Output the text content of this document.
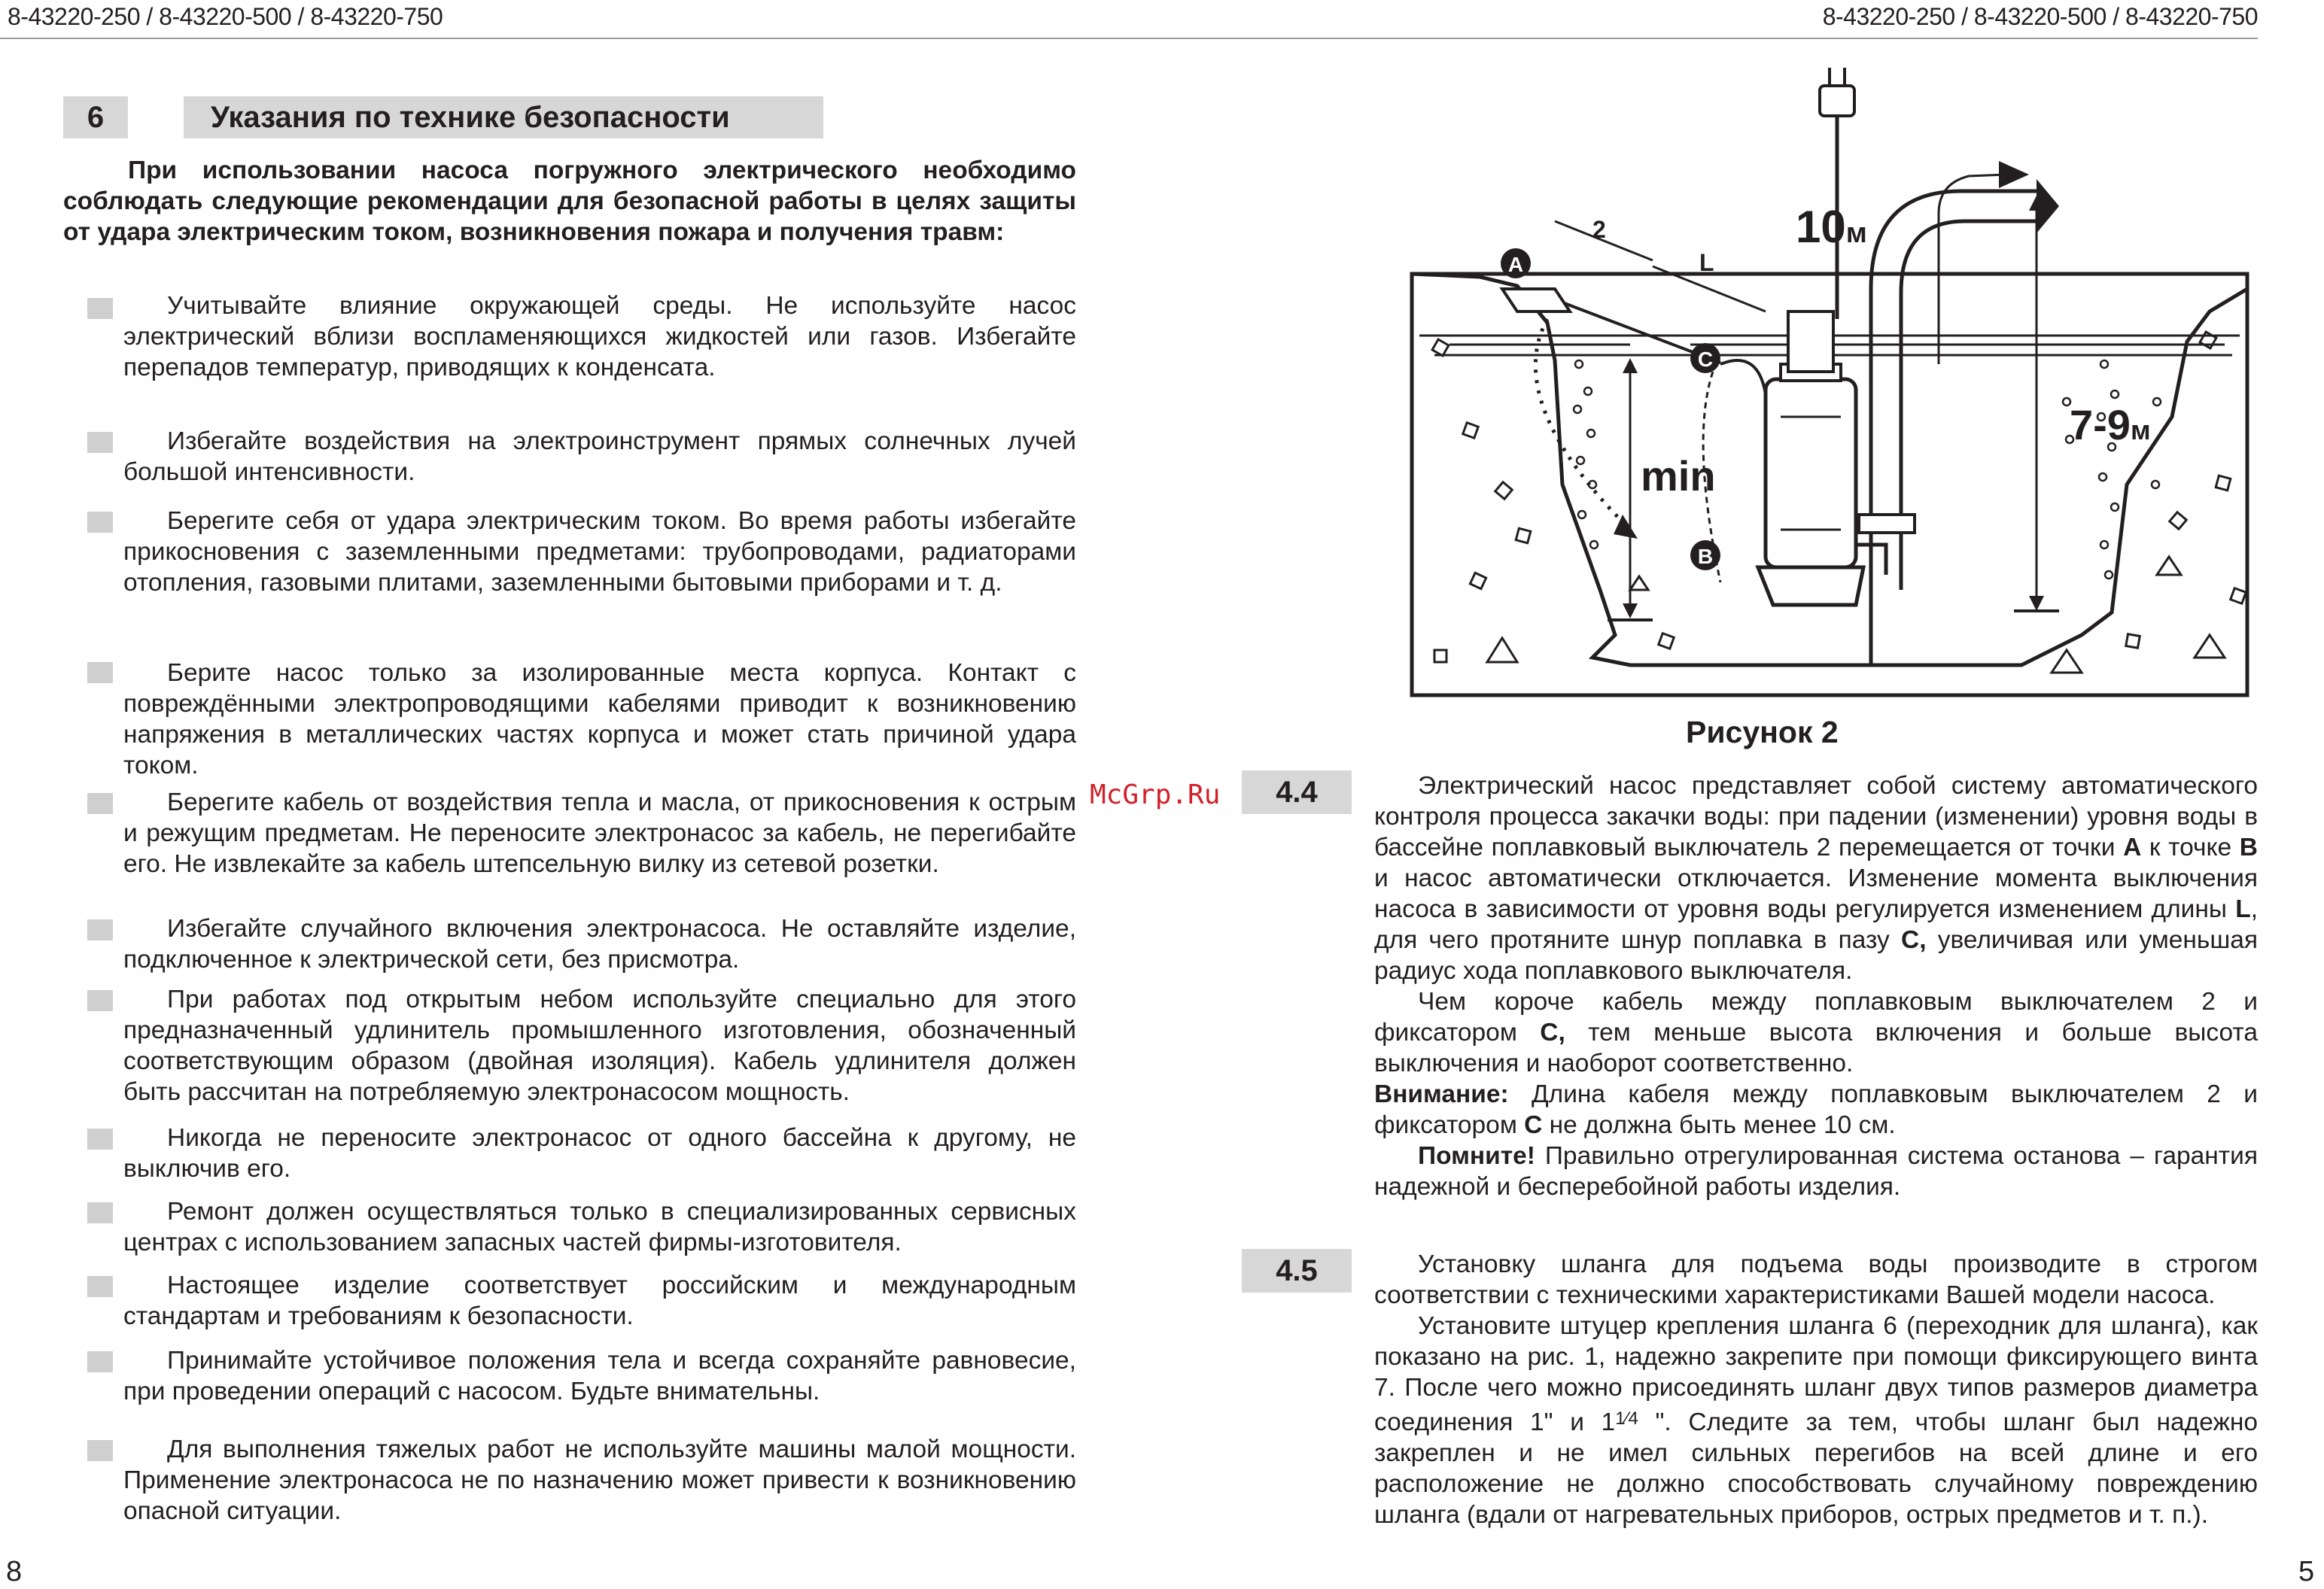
8-43220-250 / 8-43220-500 / 8-43220-750	8-43220-250 / 8-43220-500 / 8-43220-750
6	Указания по технике безопасности

При использовании насоса погружного электрического необходимо соблюдать следующие рекомендации для безопасной работы в целях защиты от удара электрическим током, возникновения пожара и получения травм:

Учитывайте влияние окружающей среды. Не используйте насос электрический вблизи воспламеняющихся жидкостей или газов. Избегайте перепадов температур, приводящих к конденсата.

Избегайте воздействия на электроинструмент прямых солнечных лучей большой интенсивности.

Берегите себя от удара электрическим током. Во время работы избегайте прикосновения с заземленными предметами: трубопроводами, радиаторами отопления, газовыми плитами, заземленными бытовыми приборами и т. д.

Берите насос только за изолированные места корпуса. Контакт с повреждёнными электропроводящими кабелями приводит к возникновению напряжения в металлических частях корпуса и может стать причиной удара током.

Берегите кабель от воздействия тепла и масла, от прикосновения к острым и режущим предметам. Не переносите электронасос за кабель, не перегибайте его. Не извлекайте за кабель штепсельную вилку из сетевой розетки.

Избегайте случайного включения электронасоса. Не оставляйте изделие, подключенное к электрической сети, без присмотра.

При работах под открытым небом используйте специально для этого предназначенный удлинитель промышленного изготовления, обозначенный соответствующим образом (двойная изоляция). Кабель удлинителя должен быть рассчитан на потребляемую электронасосом мощность.

Никогда не переносите электронасос от одного бассейна к другому, не выключив его.

Ремонт должен осуществляться только в специализированных сервисных центрах с использованием запасных частей фирмы-изготовителя.

Настоящее изделие соответствует российским и международным стандартам и требованиям к безопасности.

Принимайте устойчивое положения тела и всегда сохраняйте равновесие, при проведении операций с насосом. Будьте внимательны.

Для выполнения тяжелых работ не используйте машины малой мощности. Применение электронасоса не по назначению может привести к возникновению опасной ситуации.

A
C
B
2
L
10м
7-9м
min
Рисунок 2
McGrp.Ru	4.4	Электрический насос представляет собой систему автоматического контроля процесса закачки воды: при падении (изменении) уровня воды в бассейне поплавковый выключатель 2 перемещается от точки A к точке B и насос автоматически отключается. Изменение момента выключения насоса в зависимости от уровня воды регулируется изменением длины L, для чего протяните шнур поплавка в пазу C, увеличивая или уменьшая радиус хода поплавкового выключателя.
Чем короче кабель между поплавковым выключателем 2 и фиксатором C, тем меньше высота включения и больше высота выключения и наоборот соответственно.
Внимание: Длина кабеля между поплавковым выключателем 2 и фиксатором C не должна быть менее 10 см.
Помните! Правильно отрегулированная система останова – гарантия надежной и бесперебойной работы изделия.
4.5	Установку шланга для подъема воды производите в строгом соответствии с техническими характеристиками Вашей модели насоса.
Установите штуцер крепления шланга 6 (переходник для шланга), как показано на рис. 1, надежно закрепите при помощи фиксирующего винта 7. После чего можно присоединять шланг двух типов размеров диаметра соединения 1" и $1^{1⁄4}$ ". Следите за тем, чтобы шланг был надежно закреплен и не имел сильных перегибов на всей длине и его расположение не должно способствовать случайному повреждению шланга (вдали от нагревательных приборов, острых предметов и т. п.).
8	5
